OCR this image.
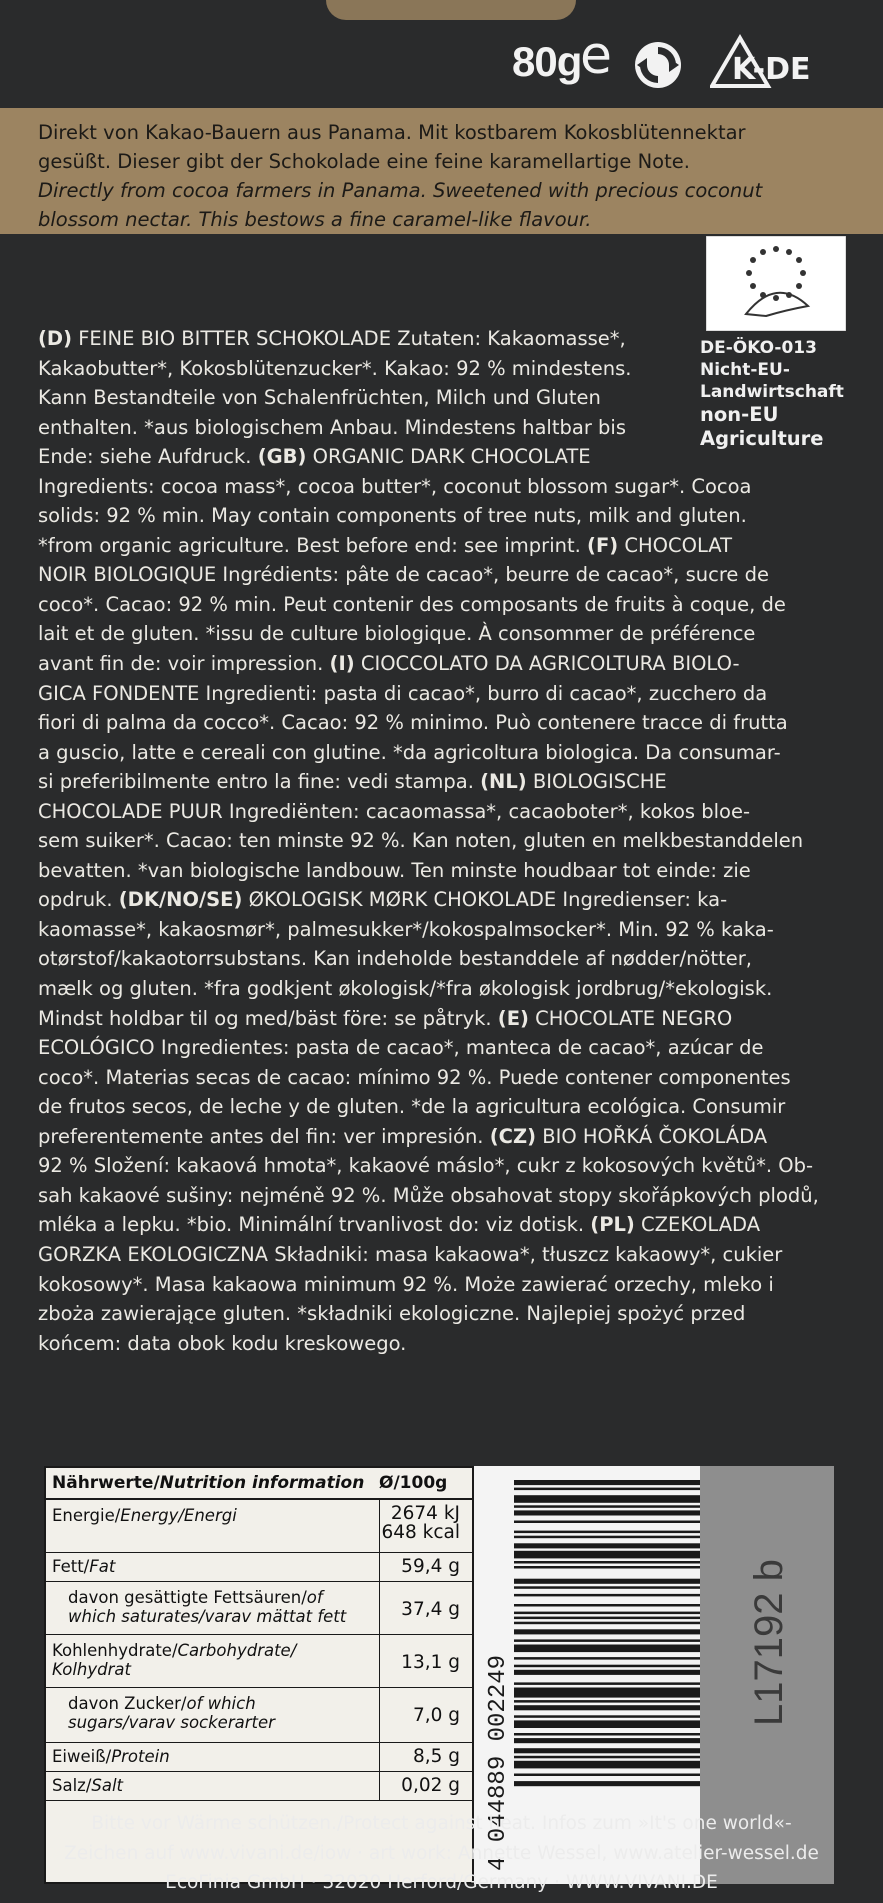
80g
e	K-DE

Direkt von Kakao-Bauern aus Panama. Mit kostbarem Kokosblütennektar
gesüßt. Dieser gibt der Schokolade eine feine karamellartige Note.

Directly from cocoa farmers in Panama. Sweetened with precious coconut
blossom nectar. This bestows a fine caramel-like flavour.

DE-ÖKO-013
Nicht-EU-
Landwirtschaft
non-EU
Agriculture
(D) FEINE BIO BITTER SCHOKOLADE Zutaten: Kakaomasse*,
Kakaobutter*, Kokosblütenzucker*. Kakao: 92 % mindestens.
Kann Bestandteile von Schalenfrüchten, Milch und Gluten
enthalten. *aus biologischem Anbau. Mindestens haltbar bis
Ende: siehe Aufdruck. (GB) ORGANIC DARK CHOCOLATE
Ingredients: cocoa mass*, cocoa butter*, coconut blossom sugar*. Cocoa
solids: 92 % min. May contain components of tree nuts, milk and gluten.
*from organic agriculture. Best before end: see imprint. (F) CHOCOLAT
NOIR BIOLOGIQUE Ingrédients: pâte de cacao*, beurre de cacao*, sucre de
coco*. Cacao: 92 % min. Peut contenir des composants de fruits à coque, de
lait et de gluten. *issu de culture biologique. À consommer de préférence
avant fin de: voir impression. (I) CIOCCOLATO DA AGRICOLTURA BIOLO-
GICA FONDENTE Ingredienti: pasta di cacao*, burro di cacao*, zucchero da
fiori di palma da cocco*. Cacao: 92 % minimo. Può contenere tracce di frutta
a guscio, latte e cereali con glutine. *da agricoltura biologica. Da consumar-
si preferibilmente entro la fine: vedi stampa. (NL) BIOLOGISCHE
CHOCOLADE PUUR Ingrediënten: cacaomassa*, cacaoboter*, kokos bloe-
sem suiker*. Cacao: ten minste 92 %. Kan noten, gluten en melkbestanddelen
bevatten. *van biologische landbouw. Ten minste houdbaar tot einde: zie
opdruk. (DK/NO/SE) ØKOLOGISK MØRK CHOKOLADE Ingredienser: ka-
kaomasse*, kakaosmør*, palmesukker*/kokospalmsocker*. Min. 92 % kaka-
otørstof/kakaotorrsubstans. Kan indeholde bestanddele af nødder/nötter,
mælk og gluten. *fra godkjent økologisk/*fra økologisk jordbrug/*ekologisk.
Mindst holdbar til og med/bäst före: se påtryk. (E) CHOCOLATE NEGRO
ECOLÓGICO Ingredientes: pasta de cacao*, manteca de cacao*, azúcar de
coco*. Materias secas de cacao: mínimo 92 %. Puede contener componentes
de frutos secos, de leche y de gluten. *de la agricultura ecológica. Consumir
preferentemente antes del fin: ver impresión. (CZ) BIO HOŘKÁ ČOKOLÁDA
92 % Složení: kakaová hmota*, kakaové máslo*, cukr z kokosových květů*. Ob-
sah kakaové sušiny: nejméně 92 %. Může obsahovat stopy skořápkových plodů,
mléka a lepku. *bio. Minimální trvanlivost do: viz dotisk. (PL) CZEKOLADA
GORZKA EKOLOGICZNA Składniki: masa kakaowa*, tłuszcz kakaowy*, cukier
kokosowy*. Masa kakaowa minimum 92 %. Może zawierać orzechy, mleko i
zboża zawierające gluten. *składniki ekologiczne. Najlepiej spożyć przed
końcem: data obok kodu kreskowego.
Nährwerte/Nutrition information Ø/100g
Energie/Energy/Energi	2674 kJ
648 kcal
Fett/Fat	59,4 g
davon gesättigte Fettsäuren/of
which saturates/varav mättat fett	37,4 g
Kohlenhydrate/Carbohydrate/
Kolhydrat	13,1 g
davon Zucker/of which
sugars/varav sockerarter	7,0 g
Eiweiß/Protein	8,5 g
Salz/Salt	0,02 g 4 044889 002249
L17192 b
Bitte vor Wärme schützen./Protect against heat. Infos zum »It's one world«-
Zeichen auf www.vivani.de/iow · art work: Annette Wessel, www.atelier-wessel.de
EcoFinia GmbH · 32020 Herford/Germany · WWW.VIVANI.DE
